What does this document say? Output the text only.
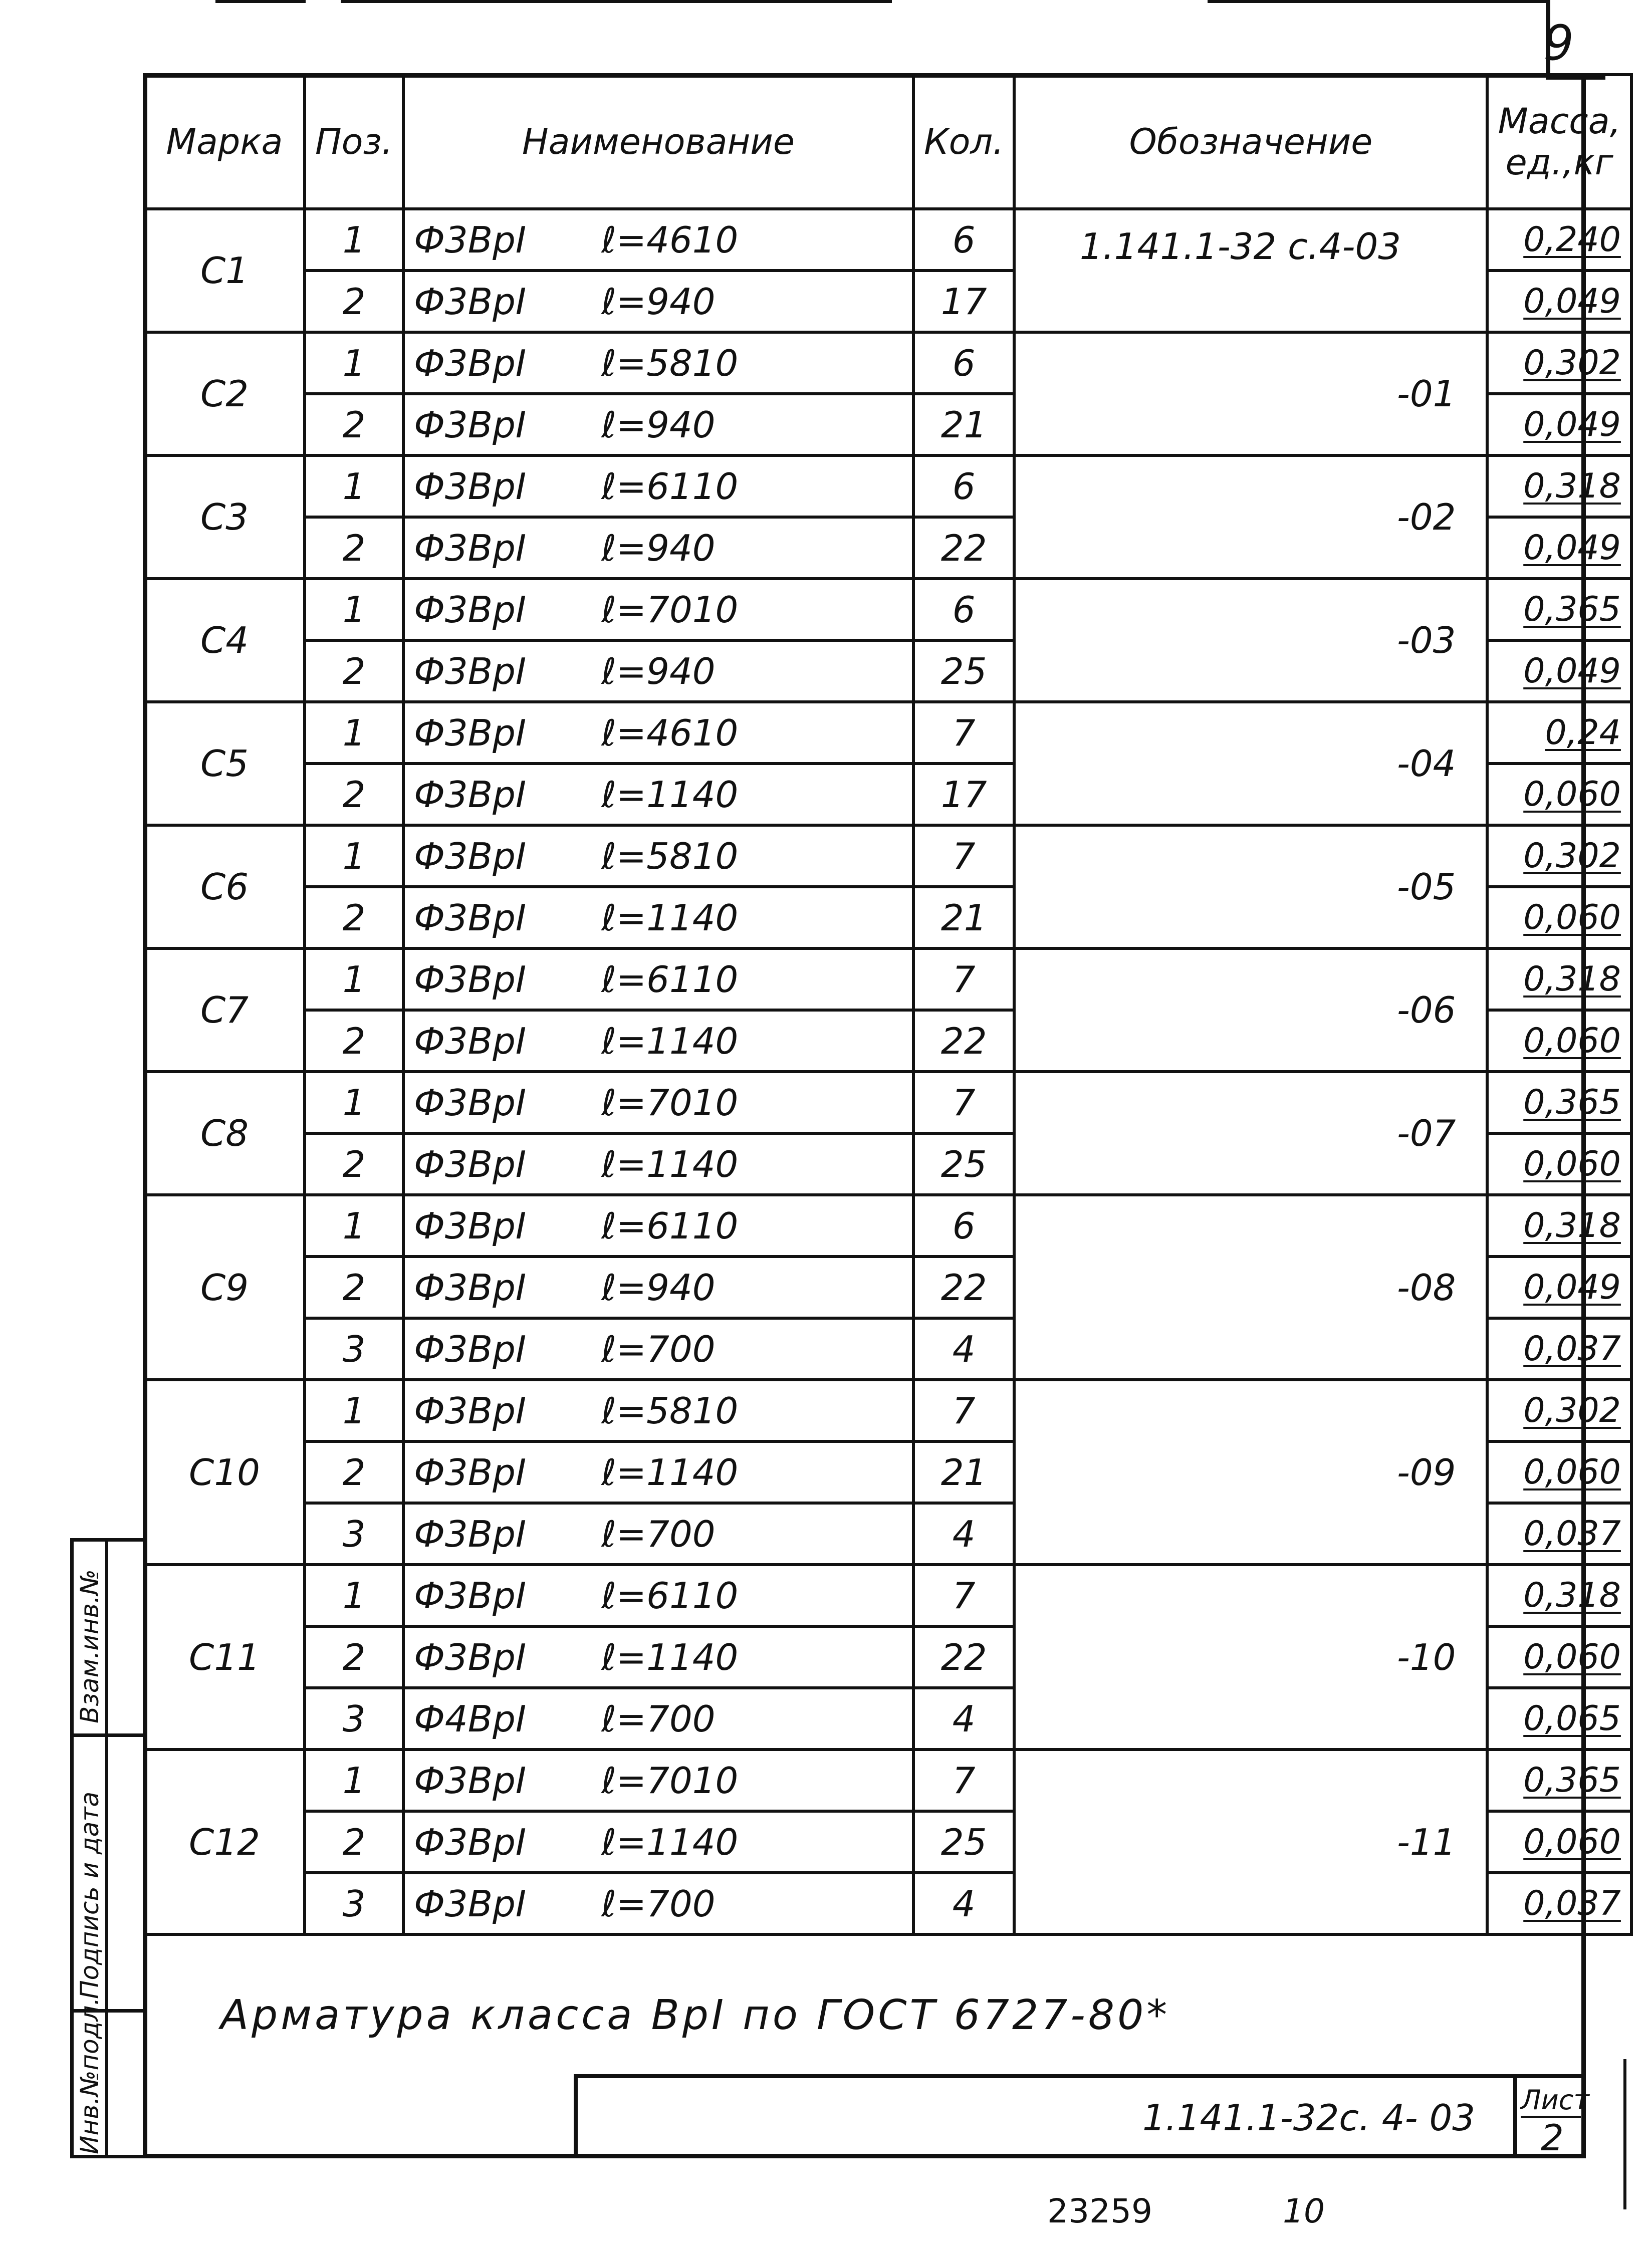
9
Марка	Поз.	Наименование	Кол.	Обозначение	Масса,
ед.,кг

С1	1	Ф3ВрI ℓ=4610	6	1.141.1-32 с.4-03	0,240
	2	Ф3ВрI ℓ=940	17		0,049
С2	1	Ф3ВрI ℓ=5810	6	-01	0,302
	2	Ф3ВрI ℓ=940	21		0,049
С3	1	Ф3ВрI ℓ=6110	6	-02	0,318
	2	Ф3ВрI ℓ=940	22		0,049
С4	1	Ф3ВрI ℓ=7010	6	-03	0,365
	2	Ф3ВрI ℓ=940	25		0,049
С5	1	Ф3ВрI ℓ=4610	7	-04	0,24
	2	Ф3ВрI ℓ=1140	17		0,060
С6	1	Ф3ВрI ℓ=5810	7	-05	0,302
	2	Ф3ВрI ℓ=1140	21		0,060
С7	1	Ф3ВрI ℓ=6110	7	-06	0,318
	2	Ф3ВрI ℓ=1140	22		0,060
С8	1	Ф3ВрI ℓ=7010	7	-07	0,365
	2	Ф3ВрI ℓ=1140	25		0,060
С9	1	Ф3ВрI ℓ=6110	6	-08	0,318
	2	Ф3ВрI ℓ=940	22		0,049
	3	Ф3ВрI ℓ=700	4		0,037
С10	1	Ф3ВрI ℓ=5810	7	-09	0,302
	2	Ф3ВрI ℓ=1140	21		0,060
	3	Ф3ВрI ℓ=700	4		0,037
С11	1	Ф3ВрI ℓ=6110	7	-10	0,318
	2	Ф3ВрI ℓ=1140	22		0,060
	3	Ф4ВрI ℓ=700	4		0,065
С12	1	Ф3ВрI ℓ=7010	7	-11	0,365
	2	Ф3ВрI ℓ=1140	25		0,060
	3	Ф3ВрI ℓ=700	4		0,037
Арматура класса ВрI по ГОСТ 6727-80*
1.141.1-32с. 4- 03 Лист
2
Взам.инв.№
Подпись и дата
Инв.№подл.
23259	10
